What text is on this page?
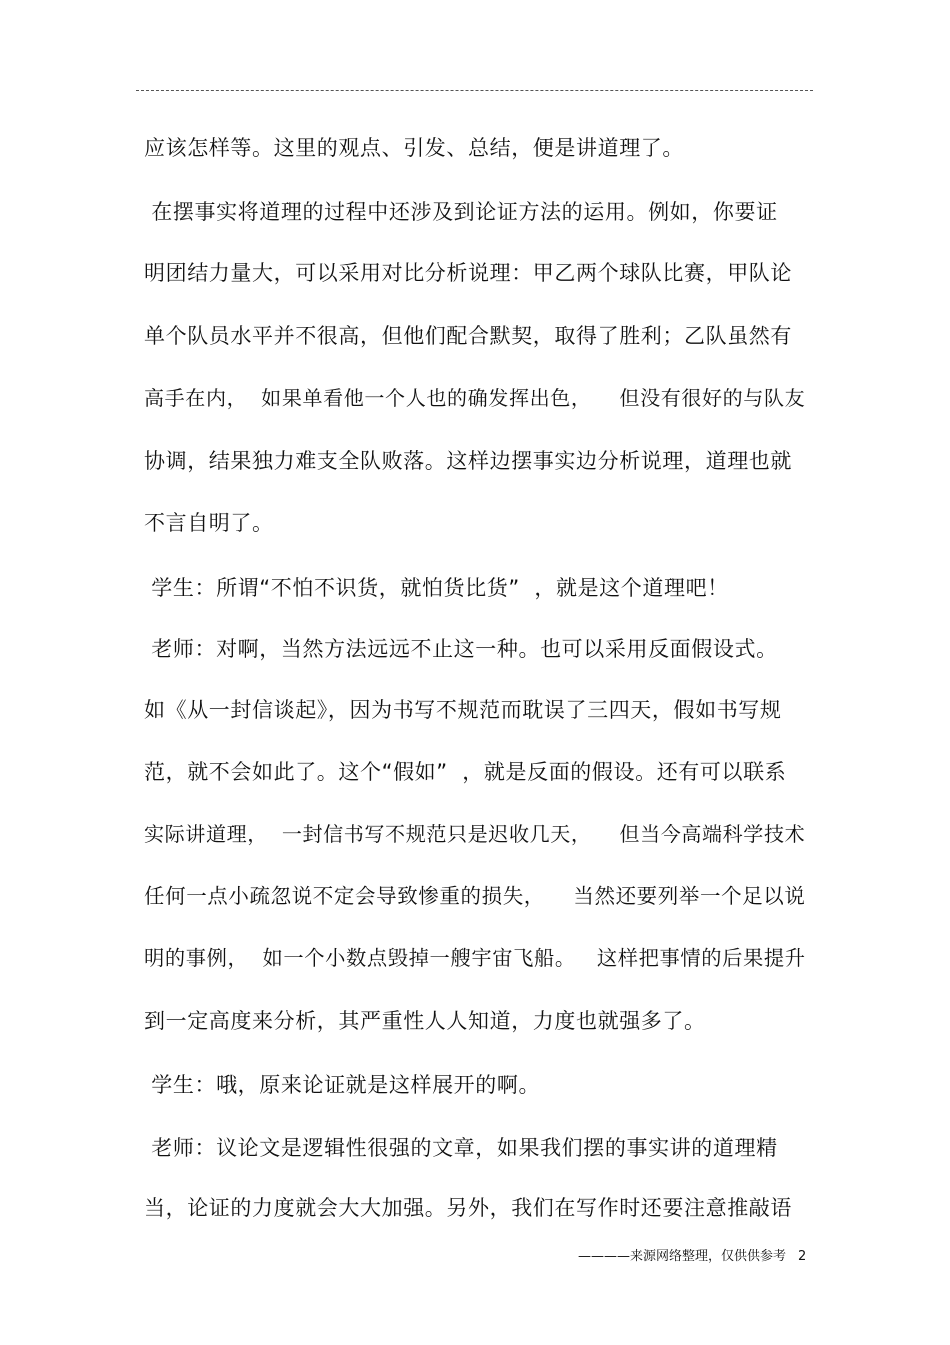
应该怎样等。这里的观点、引发、总结，便是讲道理了。
在摆事实将道理的过程中还涉及到论证方法的运用。例如，你要证
明团结力量大，可以采用对比分析说理：甲乙两个球队比赛，甲队论
单个队员水平并不很高，但他们配合默契，取得了胜利；乙队虽然有
高手在内，  如果单看他一个人也的确发挥出色，    但没有很好的与队友
协调，结果独力难支全队败落。这样边摆事实边分析说理，道理也就
不言自明了。
学生：所谓“不怕不识货，就怕货比货”  ，就是这个道理吧！
老师：对啊，当然方法远远不止这一种。也可以采用反面假设式。
如《从一封信谈起》，因为书写不规范而耽误了三四天，假如书写规
范，就不会如此了。这个“假如”  ，就是反面的假设。还有可以联系
实际讲道理，  一封信书写不规范只是迟收几天，    但当今高端科学技术
任何一点小疏忽说不定会导致惨重的损失，    当然还要列举一个足以说
明的事例，  如一个小数点毁掉一艘宇宙飞船。   这样把事情的后果提升
到一定高度来分析，其严重性人人知道，力度也就强多了。
学生：哦，原来论证就是这样展开的啊。
老师：议论文是逻辑性很强的文章，如果我们摆的事实讲的道理精
当，论证的力度就会大大加强。另外，我们在写作时还要注意推敲语
————来源网络整理，仅供供参考 2
